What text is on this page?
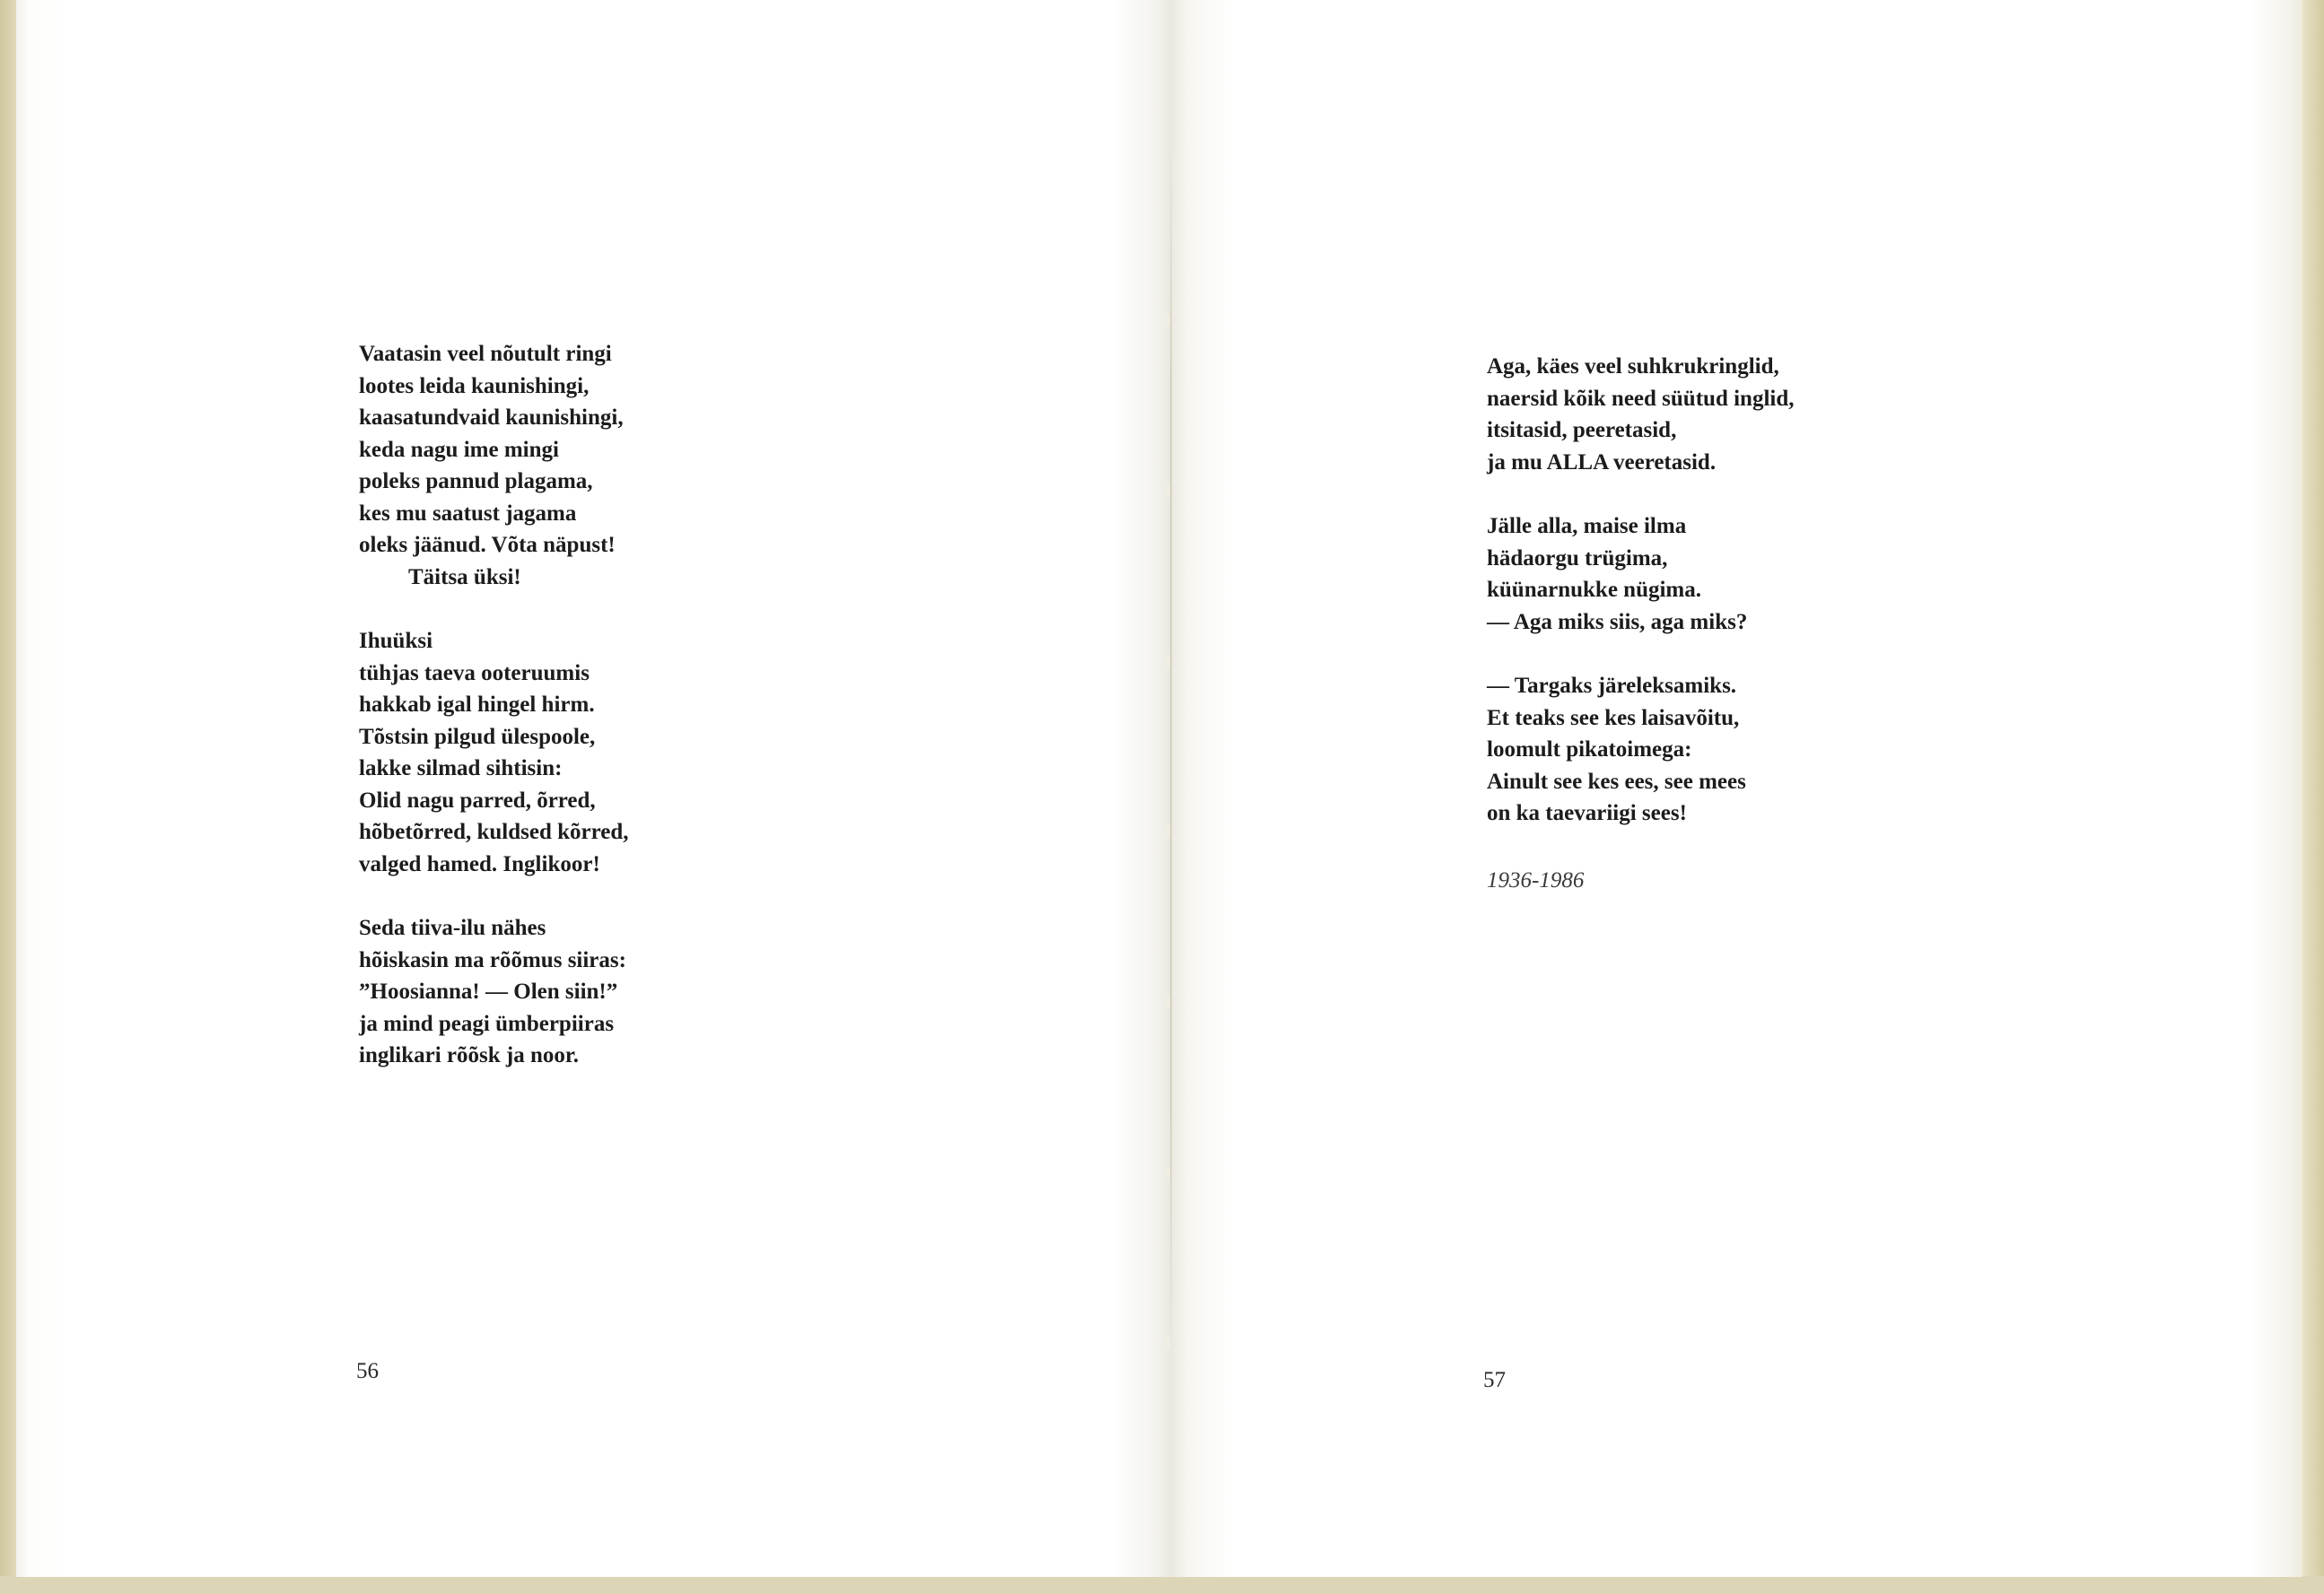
Vaatasin veel nõutult ringi

lootes leida kaunishingi,

kaasatundvaid kaunishingi,

keda nagu ime mingi

poleks pannud plagama,

kes mu saatust jagama

oleks jäänud. Võta näpust!

Täitsa üksi!

Ihuüksi

tühjas taeva ooteruumis

hakkab igal hingel hirm.

Tõstsin pilgud ülespoole,

lakke silmad sihtisin:

Olid nagu parred, õrred,

hõbetõrred, kuldsed kõrred,

valged hamed. Inglikoor!

Seda tiiva-ilu nähes

hõiskasin ma rõõmus siiras:

”Hoosianna! — Olen siin!”

ja mind peagi ümberpiiras

inglikari rõõsk ja noor.

56

Aga, käes veel suhkrukringlid,

naersid kõik need süütud inglid,

itsitasid, peeretasid,

ja mu ALLA veeretasid.

Jälle alla, maise ilma

hädaorgu trügima,

küünarnukke nügima.

— Aga miks siis, aga miks?

— Targaks järeleksamiks.

Et teaks see kes laisavõitu,

loomult pikatoimega:

Ainult see kes ees, see mees

on ka taevariigi sees!

1936-1986
57
